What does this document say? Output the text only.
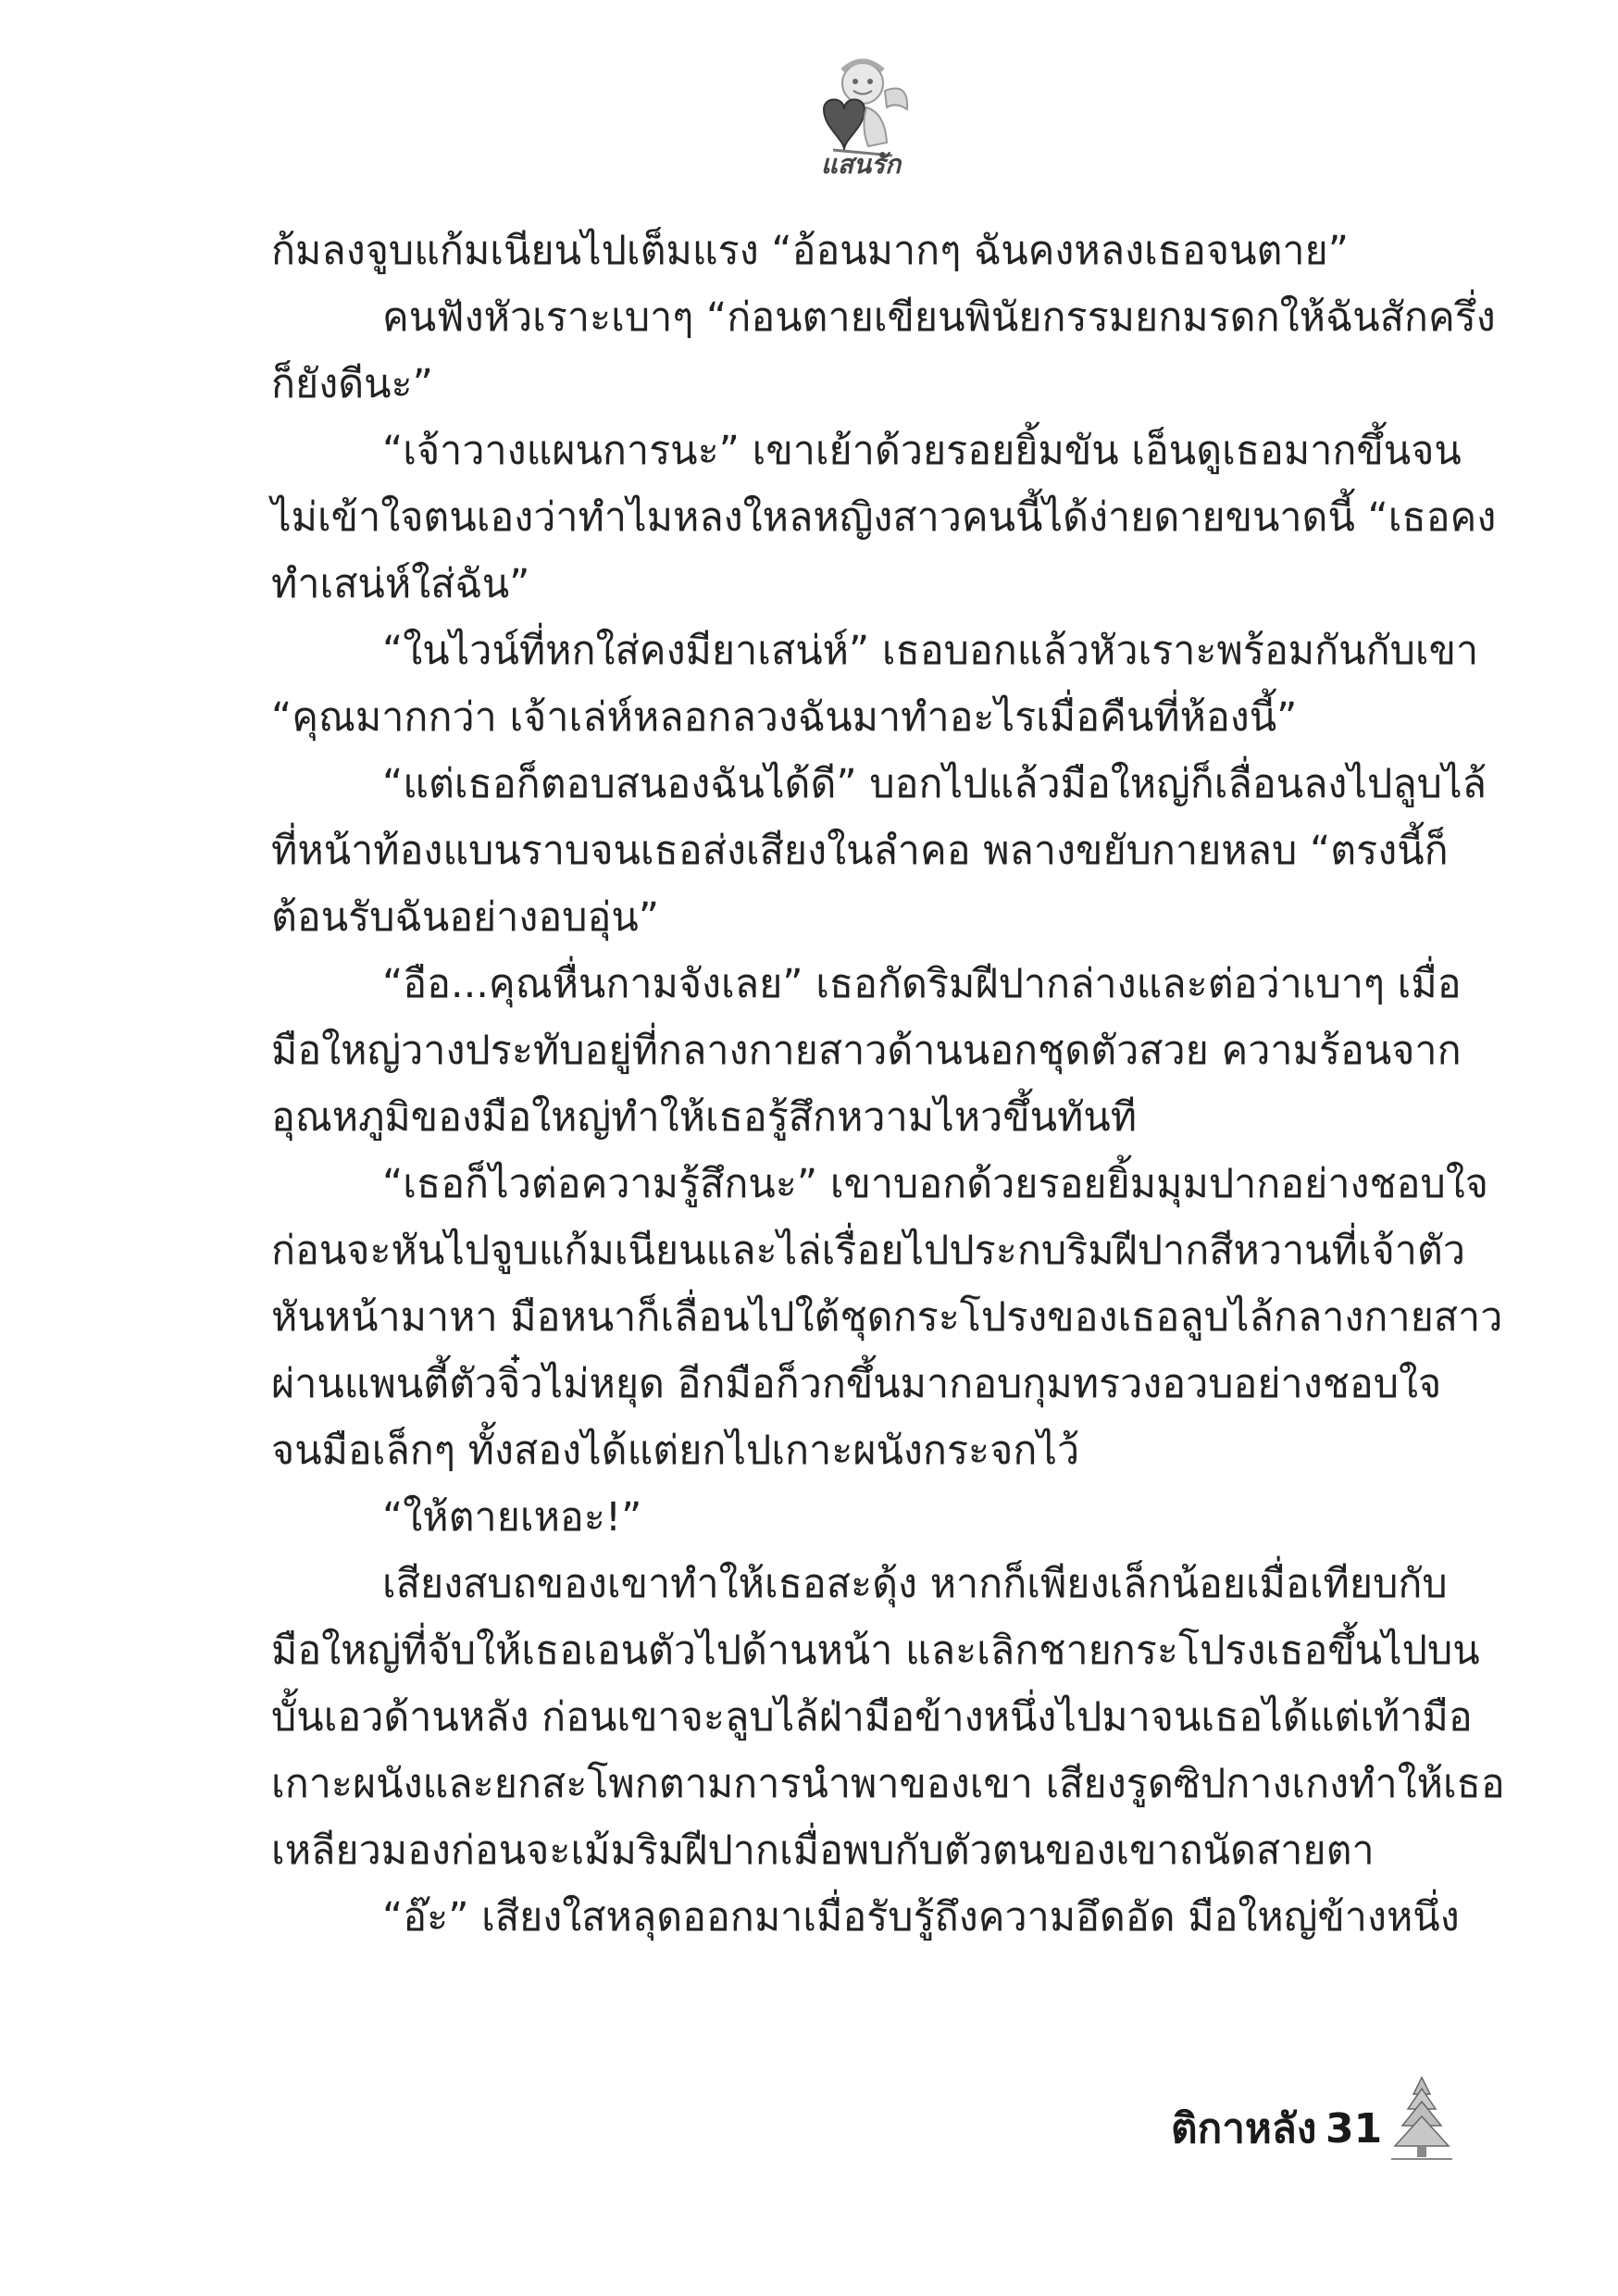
แสนรัก
ก้มลงจูบแก้มเนียนไปเต็มแรง “อ้อนมากๆ ฉันคงหลงเธอจนตาย”
คนฟังหัวเราะเบาๆ “ก่อนตายเขียนพินัยกรรมยกมรดกให้ฉันสักครึ่ง
ก็ยังดีนะ”
“เจ้าวางแผนการนะ” เขาเย้าด้วยรอยยิ้มขัน เอ็นดูเธอมากขึ้นจน
ไม่เข้าใจตนเองว่าทำไมหลงใหลหญิงสาวคนนี้ได้ง่ายดายขนาดนี้ “เธอคง
ทำเสน่ห์ใส่ฉัน”
“ในไวน์ที่หกใส่คงมียาเสน่ห์” เธอบอกแล้วหัวเราะพร้อมกันกับเขา
“คุณมากกว่า เจ้าเล่ห์หลอกลวงฉันมาทำอะไรเมื่อคืนที่ห้องนี้”
“แต่เธอก็ตอบสนองฉันได้ดี” บอกไปแล้วมือใหญ่ก็เลื่อนลงไปลูบไล้
ที่หน้าท้องแบนราบจนเธอส่งเสียงในลำคอ พลางขยับกายหลบ “ตรงนี้ก็
ต้อนรับฉันอย่างอบอุ่น”
“อือ...คุณหื่นกามจังเลย” เธอกัดริมฝีปากล่างและต่อว่าเบาๆ เมื่อ
มือใหญ่วางประทับอยู่ที่กลางกายสาวด้านนอกชุดตัวสวย ความร้อนจาก
อุณหภูมิของมือใหญ่ทำให้เธอรู้สึกหวามไหวขึ้นทันที
“เธอก็ไวต่อความรู้สึกนะ” เขาบอกด้วยรอยยิ้มมุมปากอย่างชอบใจ
ก่อนจะหันไปจูบแก้มเนียนและไล่เรื่อยไปประกบริมฝีปากสีหวานที่เจ้าตัว
หันหน้ามาหา มือหนาก็เลื่อนไปใต้ชุดกระโปรงของเธอลูบไล้กลางกายสาว
ผ่านแพนตี้ตัวจิ๋วไม่หยุด อีกมือก็วกขึ้นมากอบกุมทรวงอวบอย่างชอบใจ
จนมือเล็กๆ ทั้งสองได้แต่ยกไปเกาะผนังกระจกไว้
“ให้ตายเหอะ!”
เสียงสบถของเขาทำให้เธอสะดุ้ง หากก็เพียงเล็กน้อยเมื่อเทียบกับ
มือใหญ่ที่จับให้เธอเอนตัวไปด้านหน้า และเลิกชายกระโปรงเธอขึ้นไปบน
บั้นเอวด้านหลัง ก่อนเขาจะลูบไล้ฝ่ามือข้างหนึ่งไปมาจนเธอได้แต่เท้ามือ
เกาะผนังและยกสะโพกตามการนำพาของเขา เสียงรูดซิปกางเกงทำให้เธอ
เหลียวมองก่อนจะเม้มริมฝีปากเมื่อพบกับตัวตนของเขาถนัดสายตา
“อ๊ะ” เสียงใสหลุดออกมาเมื่อรับรู้ถึงความอึดอัด มือใหญ่ข้างหนึ่ง
ติกาหลัง 31
